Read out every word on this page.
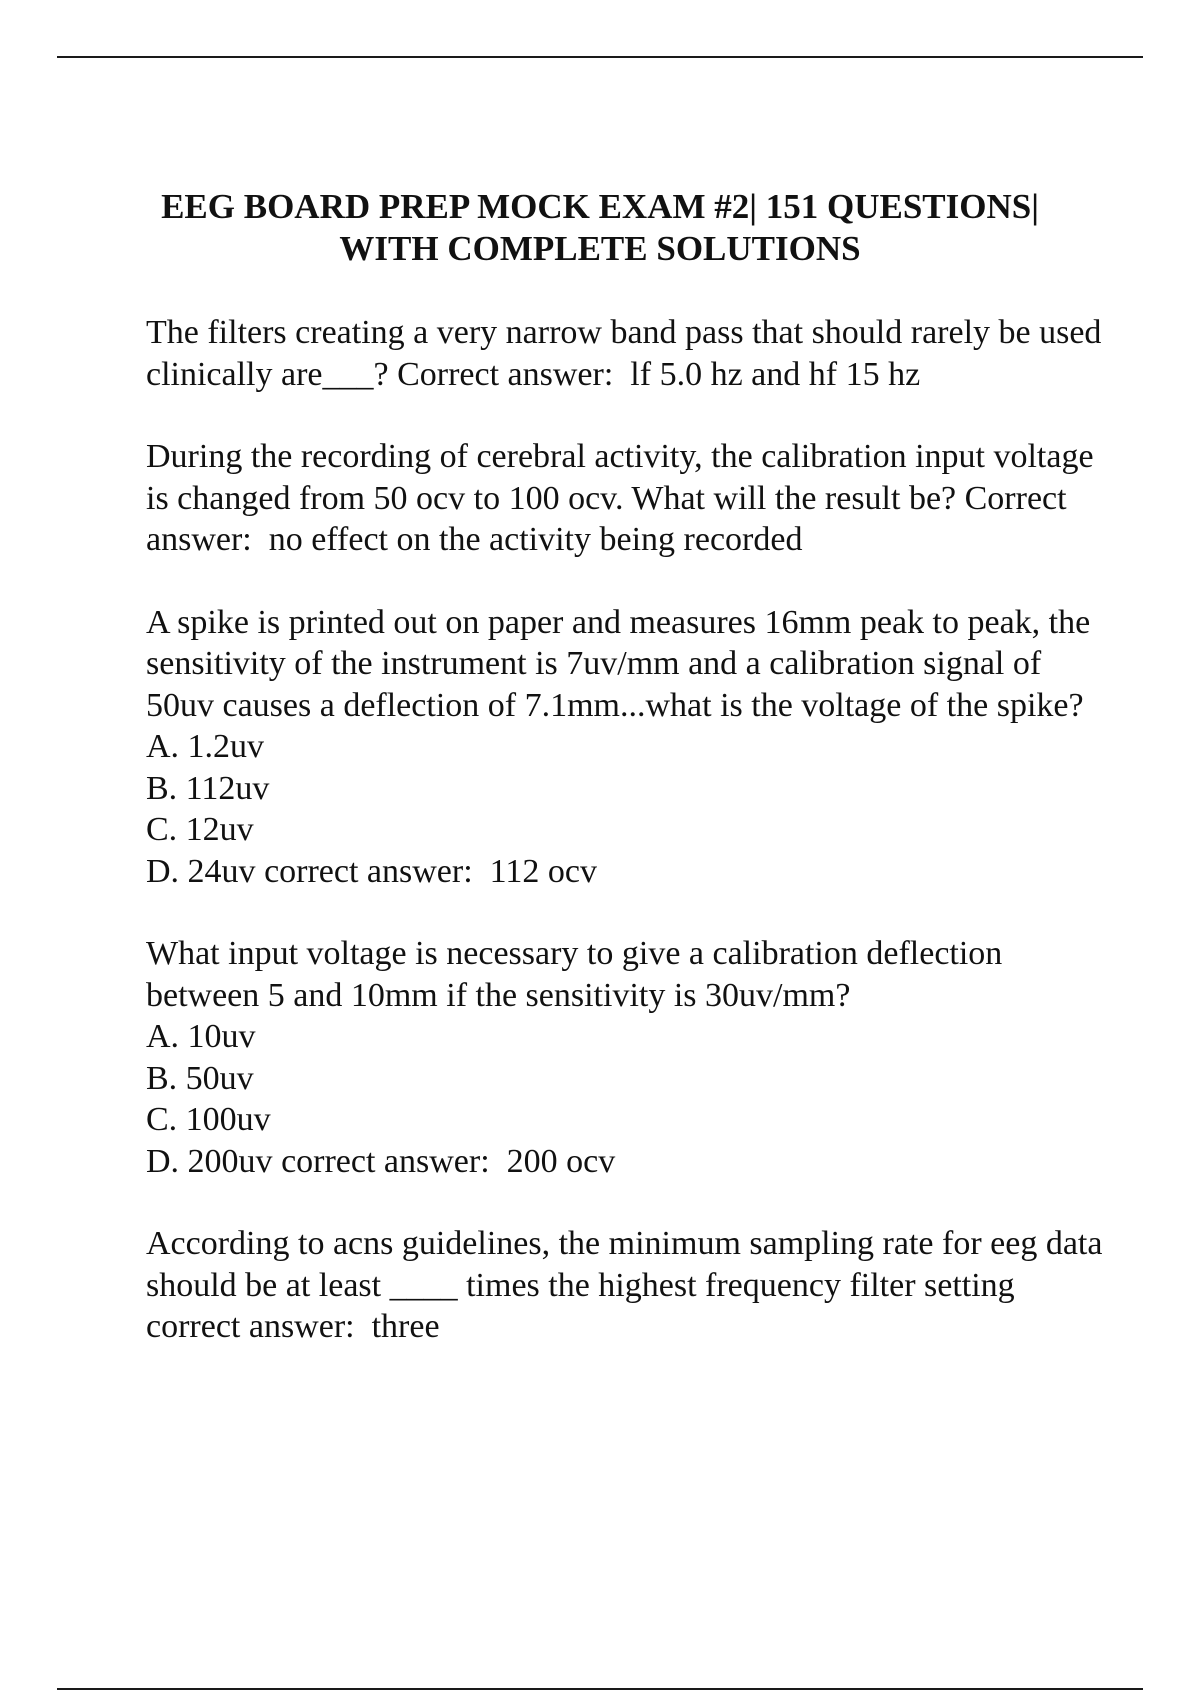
EEG BOARD PREP MOCK EXAM #2| 151 QUESTIONS|
WITH COMPLETE SOLUTIONS

The filters creating a very narrow band pass that should rarely be used clinically are___? Correct answer:  lf 5.0 hz and hf 15 hz

During the recording of cerebral activity, the calibration input voltage is changed from 50 ocv to 100 ocv. What will the result be? Correct answer:  no effect on the activity being recorded

A spike is printed out on paper and measures 16mm peak to peak, the sensitivity of the instrument is 7uv/mm and a calibration signal of 50uv causes a deflection of 7.1mm...what is the voltage of the spike?
A. 1.2uv
B. 112uv
C. 12uv
D. 24uv correct answer:  112 ocv

What input voltage is necessary to give a calibration deflection between 5 and 10mm if the sensitivity is 30uv/mm?
A. 10uv
B. 50uv
C. 100uv
D. 200uv correct answer:  200 ocv

According to acns guidelines, the minimum sampling rate for eeg data should be at least ____ times the highest frequency filter setting correct answer:  three
